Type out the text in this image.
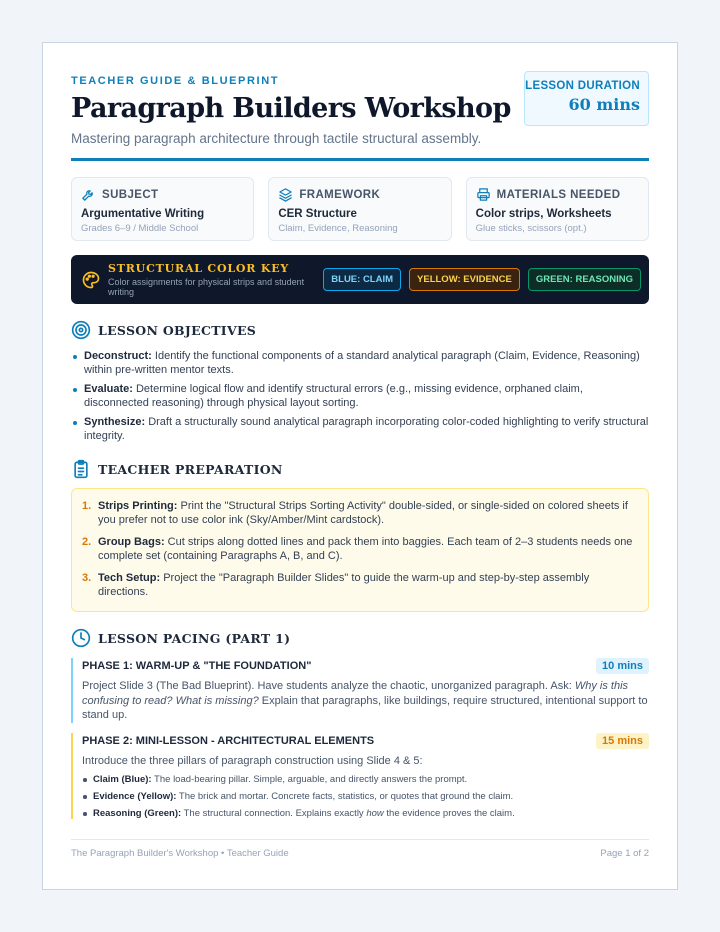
TEACHER GUIDE & BLUEPRINT
Paragraph Builders Workshop
Mastering paragraph architecture through tactile structural assembly.
LESSON DURATION
60 mins
SUBJECT
Argumentative Writing
Grades 6–9 / Middle School
FRAMEWORK
CER Structure
Claim, Evidence, Reasoning
MATERIALS NEEDED
Color strips, Worksheets
Glue sticks, scissors (opt.)
STRUCTURAL COLOR KEY
Color assignments for physical strips and student writing
BLUE: CLAIM	YELLOW: EVIDENCE	GREEN: REASONING
LESSON OBJECTIVES
Deconstruct: Identify the functional components of a standard analytical paragraph (Claim, Evidence, Reasoning) within pre-written mentor texts.
Evaluate: Determine logical flow and identify structural errors (e.g., missing evidence, orphaned claim, disconnected reasoning) through physical layout sorting.
Synthesize: Draft a structurally sound analytical paragraph incorporating color-coded highlighting to verify structural integrity.
TEACHER PREPARATION
1. Strips Printing: Print the "Structural Strips Sorting Activity" double-sided, or single-sided on colored sheets if you prefer not to use color ink (Sky/Amber/Mint cardstock).
2. Group Bags: Cut strips along dotted lines and pack them into baggies. Each team of 2–3 students needs one complete set (containing Paragraphs A, B, and C).
3. Tech Setup: Project the "Paragraph Builder Slides" to guide the warm-up and step-by-step assembly directions.
LESSON PACING (PART 1)
PHASE 1: WARM-UP & "THE FOUNDATION"	10 mins
Project Slide 3 (The Bad Blueprint). Have students analyze the chaotic, unorganized paragraph. Ask: Why is this confusing to read? What is missing? Explain that paragraphs, like buildings, require structured, intentional support to stand up.
PHASE 2: MINI-LESSON - ARCHITECTURAL ELEMENTS	15 mins
Introduce the three pillars of paragraph construction using Slide 4 & 5:
Claim (Blue): The load-bearing pillar. Simple, arguable, and directly answers the prompt.
Evidence (Yellow): The brick and mortar. Concrete facts, statistics, or quotes that ground the claim.
Reasoning (Green): The structural connection. Explains exactly how the evidence proves the claim.
The Paragraph Builder's Workshop • Teacher Guide	Page 1 of 2
